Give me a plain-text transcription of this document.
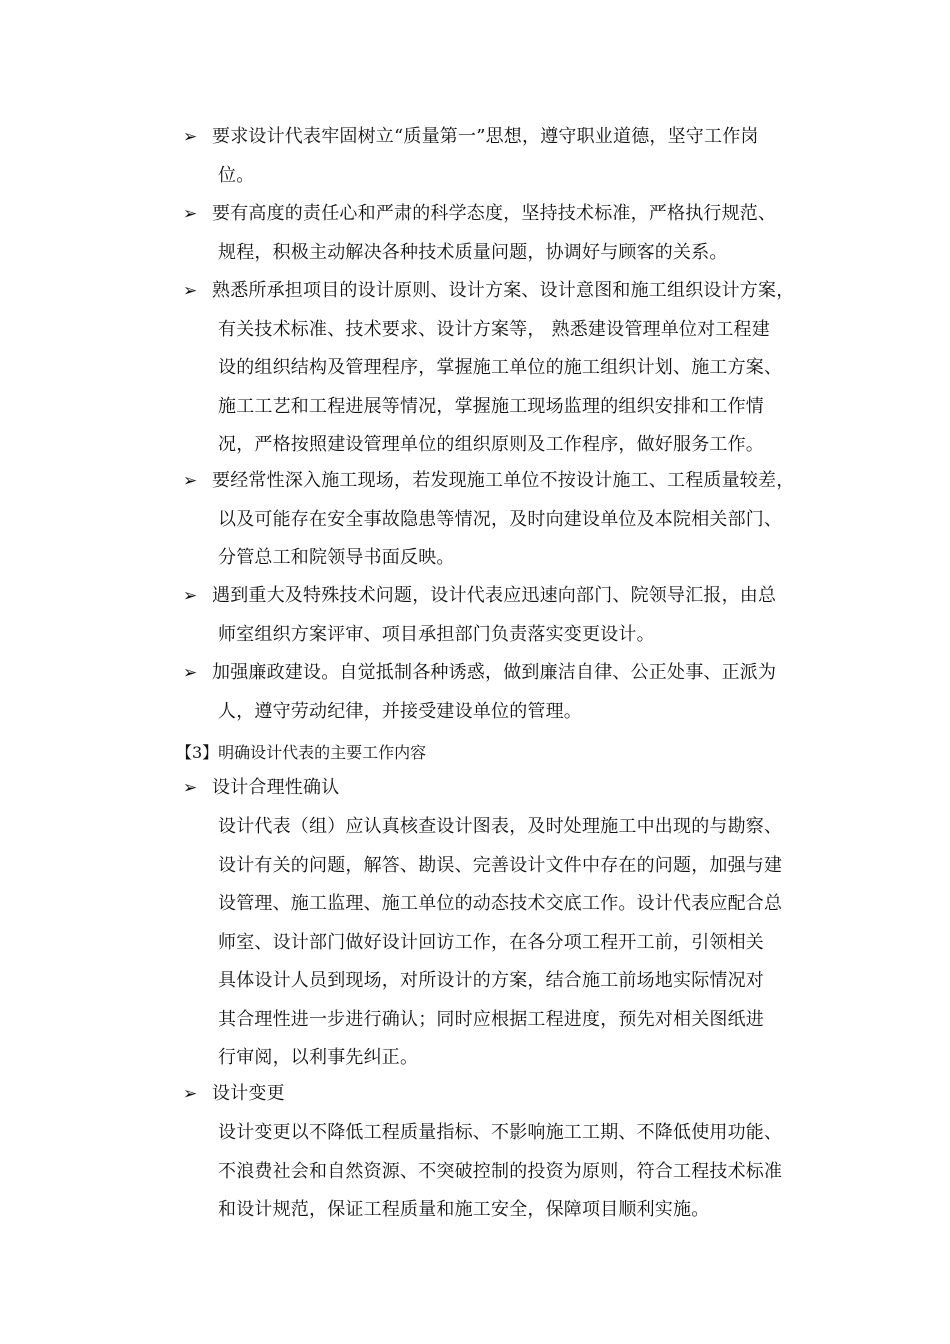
➢ 要求设计代表牢固树立“质量第一”思想，遵守职业道德，坚守工作岗
位。
➢ 要有高度的责任心和严肃的科学态度，坚持技术标准，严格执行规范、
规程，积极主动解决各种技术质量问题，协调好与顾客的关系。
➢ 熟悉所承担项目的设计原则、设计方案、设计意图和施工组织设计方案，
有关技术标准、技术要求、设计方案等， 熟悉建设管理单位对工程建
设的组织结构及管理程序，掌握施工单位的施工组织计划、施工方案、
施工工艺和工程进展等情况，掌握施工现场监理的组织安排和工作情
况，严格按照建设管理单位的组织原则及工作程序，做好服务工作。
➢ 要经常性深入施工现场，若发现施工单位不按设计施工、工程质量较差，
以及可能存在安全事故隐患等情况，及时向建设单位及本院相关部门、
分管总工和院领导书面反映。
➢ 遇到重大及特殊技术问题，设计代表应迅速向部门、院领导汇报，由总
师室组织方案评审、项目承担部门负责落实变更设计。
➢ 加强廉政建设。自觉抵制各种诱惑，做到廉洁自律、公正处事、正派为
人，遵守劳动纪律，并接受建设单位的管理。
【3】明确设计代表的主要工作内容
➢ 设计合理性确认
设计代表（组）应认真核查设计图表，及时处理施工中出现的与勘察、
设计有关的问题，解答、勘误、完善设计文件中存在的问题，加强与建
设管理、施工监理、施工单位的动态技术交底工作。设计代表应配合总
师室、设计部门做好设计回访工作，在各分项工程开工前，引领相关
具体设计人员到现场，对所设计的方案，结合施工前场地实际情况对
其合理性进一步进行确认；同时应根据工程进度，预先对相关图纸进
行审阅，以利事先纠正。
➢ 设计变更
设计变更以不降低工程质量指标、不影响施工工期、不降低使用功能、
不浪费社会和自然资源、不突破控制的投资为原则，符合工程技术标准
和设计规范，保证工程质量和施工安全，保障项目顺利实施。
